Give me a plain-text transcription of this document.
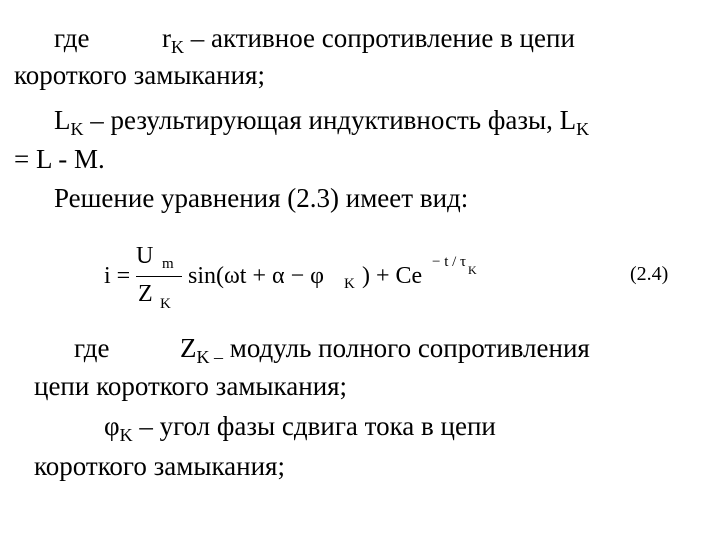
где	$r_K$ – активное сопротивление в цепи
короткого замыкания;
$L_K$ – результирующая индуктивность фазы, $L_K$
= L - M.
Решение уравнения (2.3) имеет вид:
i =
U m
Z K
sin(ωt + α − φ K ) + Ce
− t / τ K	(2.4)
где	$Z_{K -}$ модуль полного сопротивления
цепи короткого замыкания;
$\varphi_K$ – угол фазы сдвига тока в цепи
короткого замыкания;
